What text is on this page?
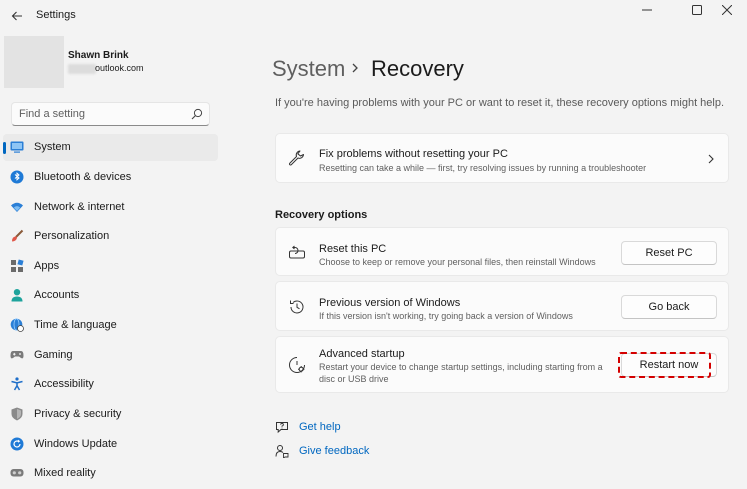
Settings
Shawn Brink
outlook.com
Find a setting
System
Bluetooth & devices
Network & internet
Personalization
Apps
Accounts
Time & language
Gaming
Accessibility
Privacy & security
Windows Update
Mixed reality
System Recovery

If you're having problems with your PC or want to reset it, these recovery options might help.

Fix problems without resetting your PC
Resetting can take a while — first, try resolving issues by running a troubleshooter
Recovery options
Reset this PC
Choose to keep or remove your personal files, then reinstall Windows
Reset PC
Previous version of Windows
If this version isn't working, try going back a version of Windows
Go back
Advanced startup
Restart your device to change startup settings, including starting from a disc or USB drive
Restart now
Get help
Give feedback
